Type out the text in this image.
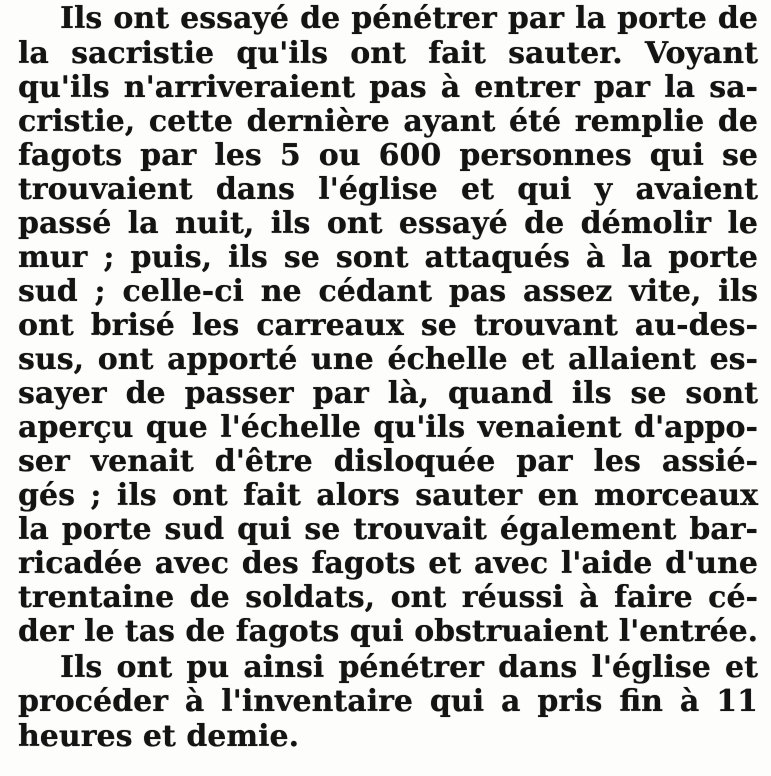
Ils ont essayé de pénétrer par la porte de
la sacristie qu'ils ont fait sauter. Voyant
qu'ils n'arriveraient pas à entrer par la sa-
cristie, cette dernière ayant été remplie de
fagots par les 5 ou 600 personnes qui se
trouvaient dans l'église et qui y avaient
passé la nuit, ils ont essayé de démolir le
mur ; puis, ils se sont attaqués à la porte
sud ; celle-ci ne cédant pas assez vite, ils
ont brisé les carreaux se trouvant au-des-
sus, ont apporté une échelle et allaient es-
sayer de passer par là, quand ils se sont
aperçu que l'échelle qu'ils venaient d'appo-
ser venait d'être disloquée par les assié-
gés ; ils ont fait alors sauter en morceaux
la porte sud qui se trouvait également bar-
ricadée avec des fagots et avec l'aide d'une
trentaine de soldats, ont réussi à faire cé-
der le tas de fagots qui obstruaient l'entrée.
Ils ont pu ainsi pénétrer dans l'église et
procéder à l'inventaire qui a pris fin à 11
heures et demie.
